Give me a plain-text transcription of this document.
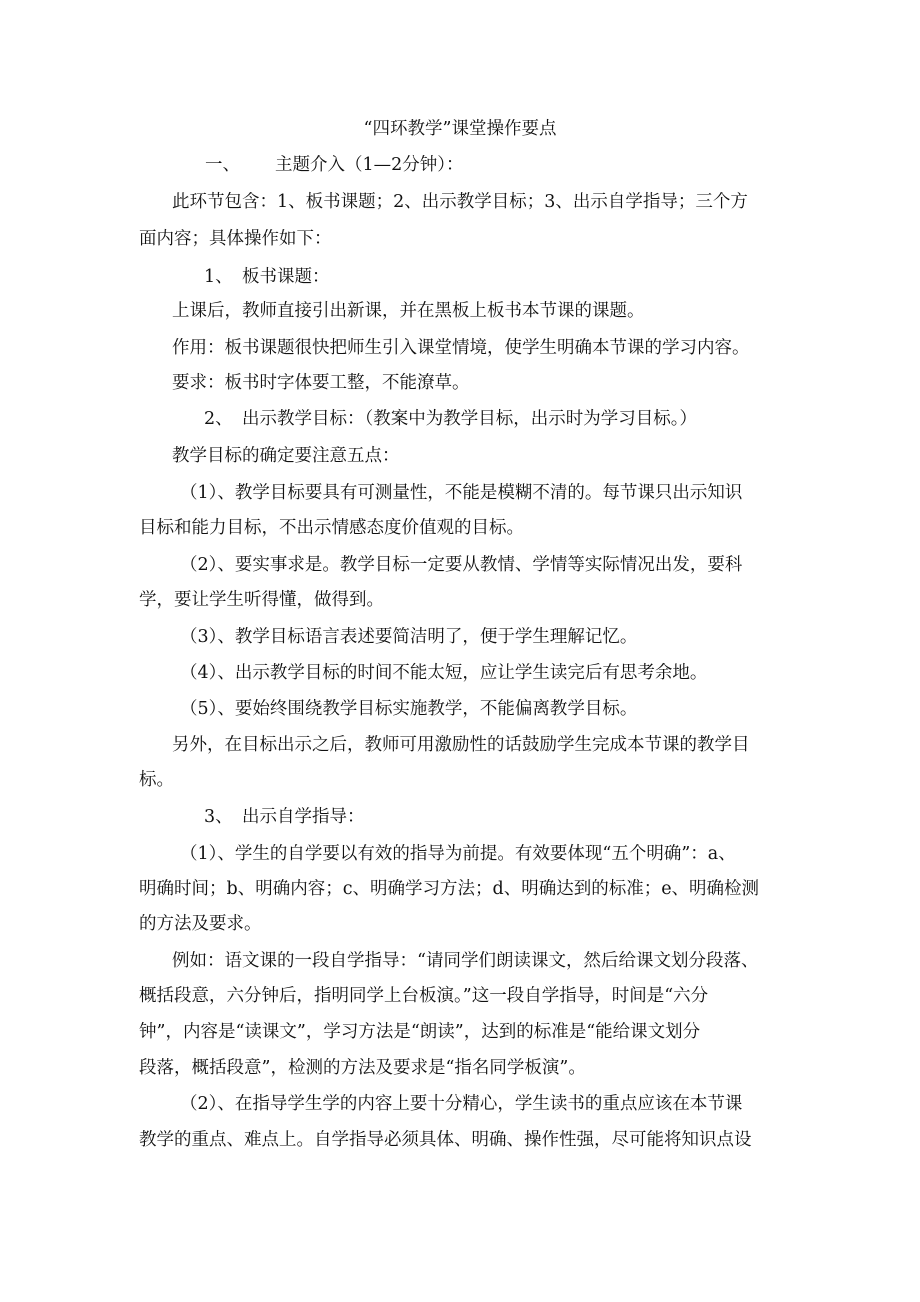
“四环教学”课堂操作要点
一、 主题介入（1—2分钟）：
此环节包含：1、板书课题；2、出示教学目标；3、出示自学指导；三个方
面内容；具体操作如下：
1、 板书课题：
上课后，教师直接引出新课，并在黑板上板书本节课的课题。
作用：板书课题很快把师生引入课堂情境，使学生明确本节课的学习内容。
要求：板书时字体要工整，不能潦草。
2、 出示教学目标：（教案中为教学目标，出示时为学习目标。）
教学目标的确定要注意五点：
（1）、教学目标要具有可测量性，不能是模糊不清的。每节课只出示知识
目标和能力目标，不出示情感态度价值观的目标。
（2）、要实事求是。教学目标一定要从教情、学情等实际情况出发，要科
学，要让学生听得懂，做得到。
（3）、教学目标语言表述要简洁明了，便于学生理解记忆。
（4）、出示教学目标的时间不能太短，应让学生读完后有思考余地。
（5）、要始终围绕教学目标实施教学，不能偏离教学目标。
另外，在目标出示之后，教师可用激励性的话鼓励学生完成本节课的教学目
标。
3、 出示自学指导：
（1）、学生的自学要以有效的指导为前提。有效要体现“五个明确”：a、
明确时间；b、明确内容；c、明确学习方法；d、明确达到的标准；e、明确检测
的方法及要求。
例如：语文课的一段自学指导：“请同学们朗读课文，然后给课文划分段落、
概括段意，六分钟后，指明同学上台板演。”这一段自学指导，时间是“六分
钟”，内容是“读课文”，学习方法是“朗读”，达到的标准是“能给课文划分
段落，概括段意”，检测的方法及要求是“指名同学板演”。
（2）、在指导学生学的内容上要十分精心，学生读书的重点应该在本节课
教学的重点、难点上。自学指导必须具体、明确、操作性强，尽可能将知识点设
